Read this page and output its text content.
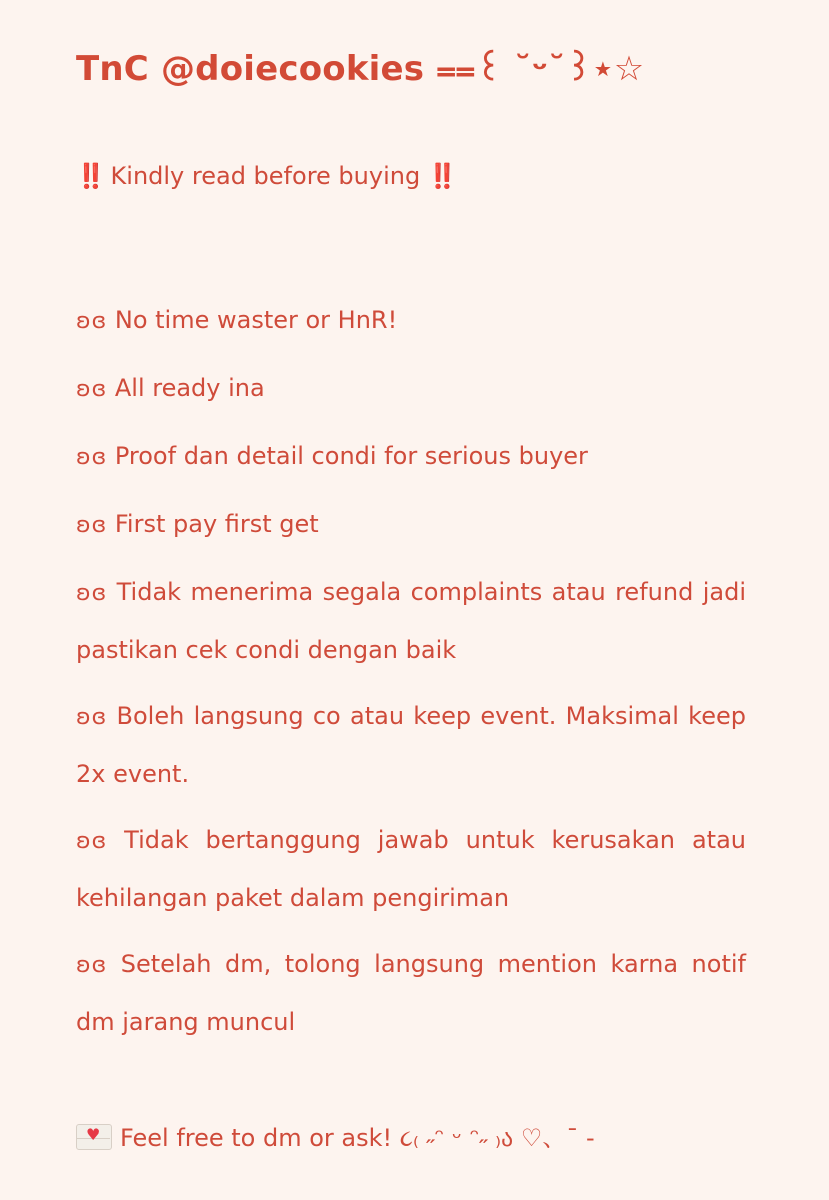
TnC @doiecookies ⩵꒰ ˘ᵕ˘꒱⋆☆
‼️ Kindly read before buying ‼️
ʚɞ No time waster or HnR!
ʚɞ All ready ina
ʚɞ Proof dan detail condi for serious buyer
ʚɞ First pay first get
ʚɞ Tidak menerima segala complaints atau refund jadi pastikan cek condi dengan baik
ʚɞ Boleh langsung co atau keep event. Maksimal keep 2x event.
ʚɞ Tidak bertanggung jawab untuk kerusakan atau kehilangan paket dalam pengiriman
ʚɞ Setelah dm, tolong langsung mention karna notif dm jarang muncul
♥ Feel free to dm or ask! ૮₍ ˶ᵔ ᵕ ᵔ˶ ₎ა ♡、¯ -
